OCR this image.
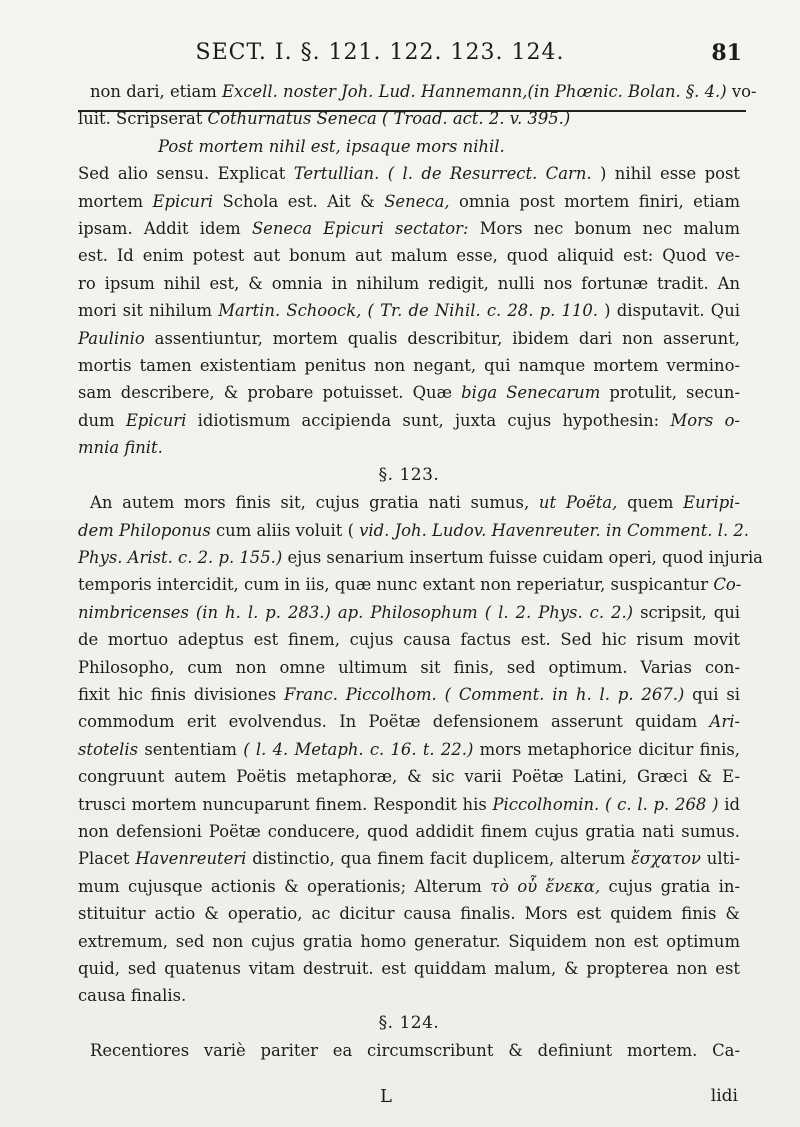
SECT. I. §. 121. 122. 123. 124.	81
non dari, etiam Excell. noster Joh. Lud. Hannemann,(in Phœnic. Bolan. §. 4.) vo-
luit. Scripserat Cothurnatus Seneca ( Troad. act. 2. v. 395.)
Post mortem nihil est, ipsaque mors nihil.
Sed alio sensu. Explicat Tertullian. ( l. de Resurrect. Carn. ) nihil esse post
mortem Epicuri Schola est. Ait & Seneca, omnia post mortem finiri, etiam
ipsam. Addit idem Seneca Epicuri sectator: Mors nec bonum nec malum
est. Id enim potest aut bonum aut malum esse, quod aliquid est: Quod ve-
ro ipsum nihil est, & omnia in nihilum redigit, nulli nos fortunæ tradit. An
mori sit nihilum Martin. Schoock, ( Tr. de Nihil. c. 28. p. 110. ) disputavit. Qui
Paulinio assentiuntur, mortem qualis describitur, ibidem dari non asserunt,
mortis tamen existentiam penitus non negant, qui namque mortem vermino-
sam describere, & probare potuisset. Quæ biga Senecarum protulit, secun-
dum Epicuri idiotismum accipienda sunt, juxta cujus hypothesin: Mors o-
mnia finit.
§. 123.
An autem mors finis sit, cujus gratia nati sumus, ut Poëta, quem Euripi-
dem Philoponus cum aliis voluit ( vid. Joh. Ludov. Havenreuter. in Comment. l. 2.
Phys. Arist. c. 2. p. 155.) ejus senarium insertum fuisse cuidam operi, quod injuria
temporis intercidit, cum in iis, quæ nunc extant non reperiatur, suspicantur Co-
nimbricenses (in h. l. p. 283.) ap. Philosophum ( l. 2. Phys. c. 2.) scripsit, qui
de mortuo adeptus est finem, cujus causa factus est. Sed hic risum movit
Philosopho, cum non omne ultimum sit finis, sed optimum. Varias con-
fixit hic finis divisiones Franc. Piccolhom. ( Comment. in h. l. p. 267.) qui si
commodum erit evolvendus. In Poëtæ defensionem asserunt quidam Ari-
stotelis sententiam ( l. 4. Metaph. c. 16. t. 22.) mors metaphorice dicitur finis,
congruunt autem Poëtis metaphoræ, & sic varii Poëtæ Latini, Græci & E-
trusci mortem nuncuparunt finem. Respondit his Piccolhomin. ( c. l. p. 268 ) id
non defensioni Poëtæ conducere, quod addidit finem cujus gratia nati sumus.
Placet Havenreuteri distinctio, qua finem facit duplicem, alterum ἔσχατον ulti-
mum cujusque actionis & operationis; Alterum τὸ οὗ ἕνεκα, cujus gratia in-
stituitur actio & operatio, ac dicitur causa finalis. Mors est quidem finis &
extremum, sed non cujus gratia homo generatur. Siquidem non est optimum
quid, sed quatenus vitam destruit. est quiddam malum, & propterea non est
causa finalis.
§. 124.
Recentiores variè pariter ea circumscribunt & definiunt mortem. Ca-
L	lidi
